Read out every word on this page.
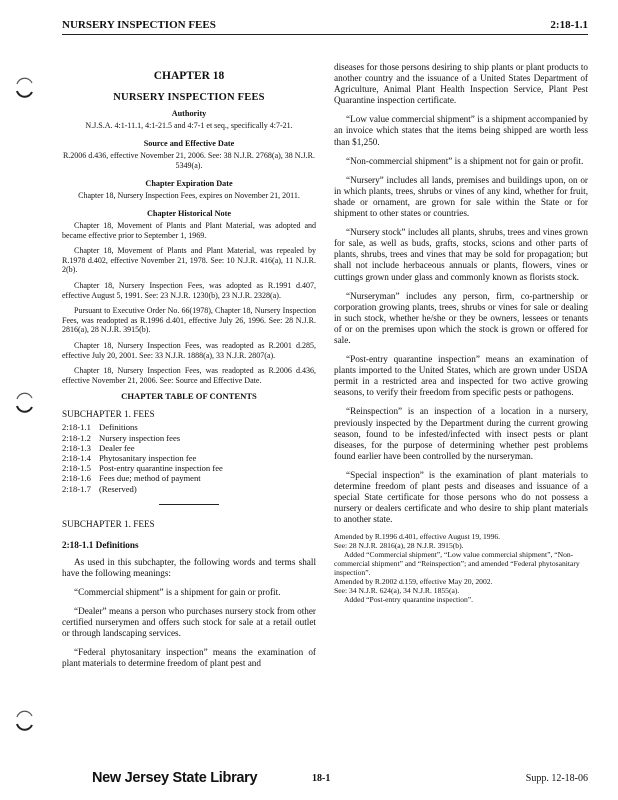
NURSERY INSPECTION FEES	2:18-1.1
CHAPTER 18
NURSERY INSPECTION FEES
Authority
N.J.S.A. 4:1-11.1, 4:1-21.5 and 4:7-1 et seq., specifically 4:7-21.
Source and Effective Date
R.2006 d.436, effective November 21, 2006. See: 38 N.J.R. 2768(a), 38 N.J.R. 5349(a).
Chapter Expiration Date
Chapter 18, Nursery Inspection Fees, expires on November 21, 2011.
Chapter Historical Note
Chapter 18, Movement of Plants and Plant Material, was adopted and became effective prior to September 1, 1969.
Chapter 18, Movement of Plants and Plant Material, was repealed by R.1978 d.402, effective November 21, 1978. See: 10 N.J.R. 416(a), 11 N.J.R. 2(b).
Chapter 18, Nursery Inspection Fees, was adopted as R.1991 d.407, effective August 5, 1991. See: 23 N.J.R. 1230(b), 23 N.J.R. 2328(a).
Pursuant to Executive Order No. 66(1978), Chapter 18, Nursery Inspection Fees, was readopted as R.1996 d.401, effective July 26, 1996. See: 28 N.J.R. 2816(a), 28 N.J.R. 3915(b).
Chapter 18, Nursery Inspection Fees, was readopted as R.2001 d.285, effective July 20, 2001. See: 33 N.J.R. 1888(a), 33 N.J.R. 2807(a).
Chapter 18, Nursery Inspection Fees, was readopted as R.2006 d.436, effective November 21, 2006. See: Source and Effective Date.
CHAPTER TABLE OF CONTENTS
SUBCHAPTER 1. FEES
2:18-1.1 Definitions
2:18-1.2 Nursery inspection fees
2:18-1.3 Dealer fee
2:18-1.4 Phytosanitary inspection fee
2:18-1.5 Post-entry quarantine inspection fee
2:18-1.6 Fees due; method of payment
2:18-1.7 (Reserved)
SUBCHAPTER 1. FEES
2:18-1.1 Definitions
As used in this subchapter, the following words and terms shall have the following meanings:
“Commercial shipment” is a shipment for gain or profit.
“Dealer” means a person who purchases nursery stock from other certified nurserymen and offers such stock for sale at a retail outlet or through landscaping services.
“Federal phytosanitary inspection” means the examination of plant materials to determine freedom of plant pest and
diseases for those persons desiring to ship plants or plant products to another country and the issuance of a United States Department of Agriculture, Animal Plant Health Inspection Service, Plant Pest Quarantine inspection certificate.
“Low value commercial shipment” is a shipment accompanied by an invoice which states that the items being shipped are worth less than $1,250.
“Non-commercial shipment” is a shipment not for gain or profit.
“Nursery” includes all lands, premises and buildings upon, on or in which plants, trees, shrubs or vines of any kind, whether for fruit, shade or ornament, are grown for sale within the State or for shipment to other states or countries.
“Nursery stock” includes all plants, shrubs, trees and vines grown for sale, as well as buds, grafts, stocks, scions and other parts of plants, shrubs, trees and vines that may be sold for propagation; but shall not include herbaceous annuals or plants, flowers, vines or cuttings grown under glass and commonly known as florists stock.
“Nurseryman” includes any person, firm, co-partnership or corporation growing plants, trees, shrubs or vines for sale or dealing in such stock, whether he/she or they be owners, lessees or tenants of or on the premises upon which the stock is grown or offered for sale.
“Post-entry quarantine inspection” means an examination of plants imported to the United States, which are grown under USDA permit in a restricted area and inspected for two active growing seasons, to verify their freedom from specific pests or pathogens.
“Reinspection” is an inspection of a location in a nursery, previously inspected by the Department during the current growing season, found to be infested/infected with insect pests or plant diseases, for the purpose of determining whether pest problems found earlier have been controlled by the nurseryman.
“Special inspection” is the examination of plant materials to determine freedom of plant pests and diseases and issuance of a special State certificate for those persons who do not possess a nursery or dealers certificate and who desire to ship plant materials to another state.
Amended by R.1996 d.401, effective August 19, 1996.
See: 28 N.J.R. 2816(a), 28 N.J.R. 3915(b).
Added “Commercial shipment”, “Low value commercial shipment”, “Non-commercial shipment” and “Reinspection”; and amended “Federal phytosanitary inspection”.
Amended by R.2002 d.159, effective May 20, 2002.
See: 34 N.J.R. 624(a), 34 N.J.R. 1855(a).
Added “Post-entry quarantine inspection”.
New Jersey State Library	18-1	Supp. 12-18-06
